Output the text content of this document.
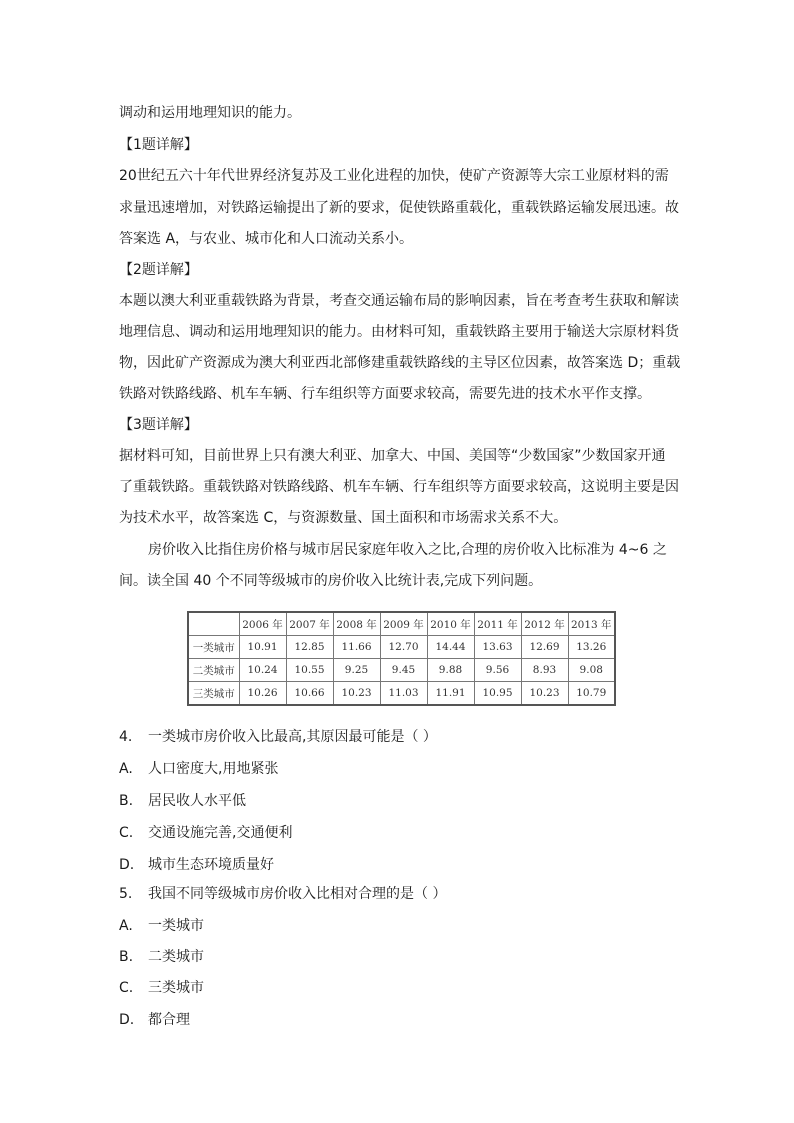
调动和运用地理知识的能力。
【1题详解】
20世纪五六十年代世界经济复苏及工业化进程的加快，使矿产资源等大宗工业原材料的需
求量迅速增加，对铁路运输提出了新的要求，促使铁路重载化，重载铁路运输发展迅速。故
答案选 A，与农业、城市化和人口流动关系小。
【2题详解】
本题以澳大利亚重载铁路为背景，考查交通运输布局的影响因素，旨在考查考生获取和解读
地理信息、调动和运用地理知识的能力。由材料可知，重载铁路主要用于输送大宗原材料货
物，因此矿产资源成为澳大利亚西北部修建重载铁路线的主导区位因素，故答案选 D；重载
铁路对铁路线路、机车车辆、行车组织等方面要求较高，需要先进的技术水平作支撑。
【3题详解】
据材料可知，目前世界上只有澳大利亚、加拿大、中国、美国等“少数国家”少数国家开通
了重载铁路。重载铁路对铁路线路、机车车辆、行车组织等方面要求较高，这说明主要是因
为技术水平，故答案选 C，与资源数量、国土面积和市场需求关系不大。
房价收入比指住房价格与城市居民家庭年收入之比,合理的房价收入比标准为 4~6 之
间。读全国 40 个不同等级城市的房价收入比统计表,完成下列问题。
	2006 年	2007 年	2008 年	2009 年	2010 年	2011 年	2012 年	2013 年
一类城市	10.91	12.85	11.66	12.70	14.44	13.63	12.69	13.26
二类城市	10.24	10.55	9.25	9.45	9.88	9.56	8.93	9.08
三类城市	10.26	10.66	10.23	11.03	11.91	10.95	10.23	10.79
4. 一类城市房价收入比最高,其原因最可能是（ ）
A. 人口密度大,用地紧张
B. 居民收人水平低
C. 交通设施完善,交通便利
D. 城市生态环境质量好
5. 我国不同等级城市房价收入比相对合理的是（ ）
A. 一类城市
B. 二类城市
C. 三类城市
D. 都合理
